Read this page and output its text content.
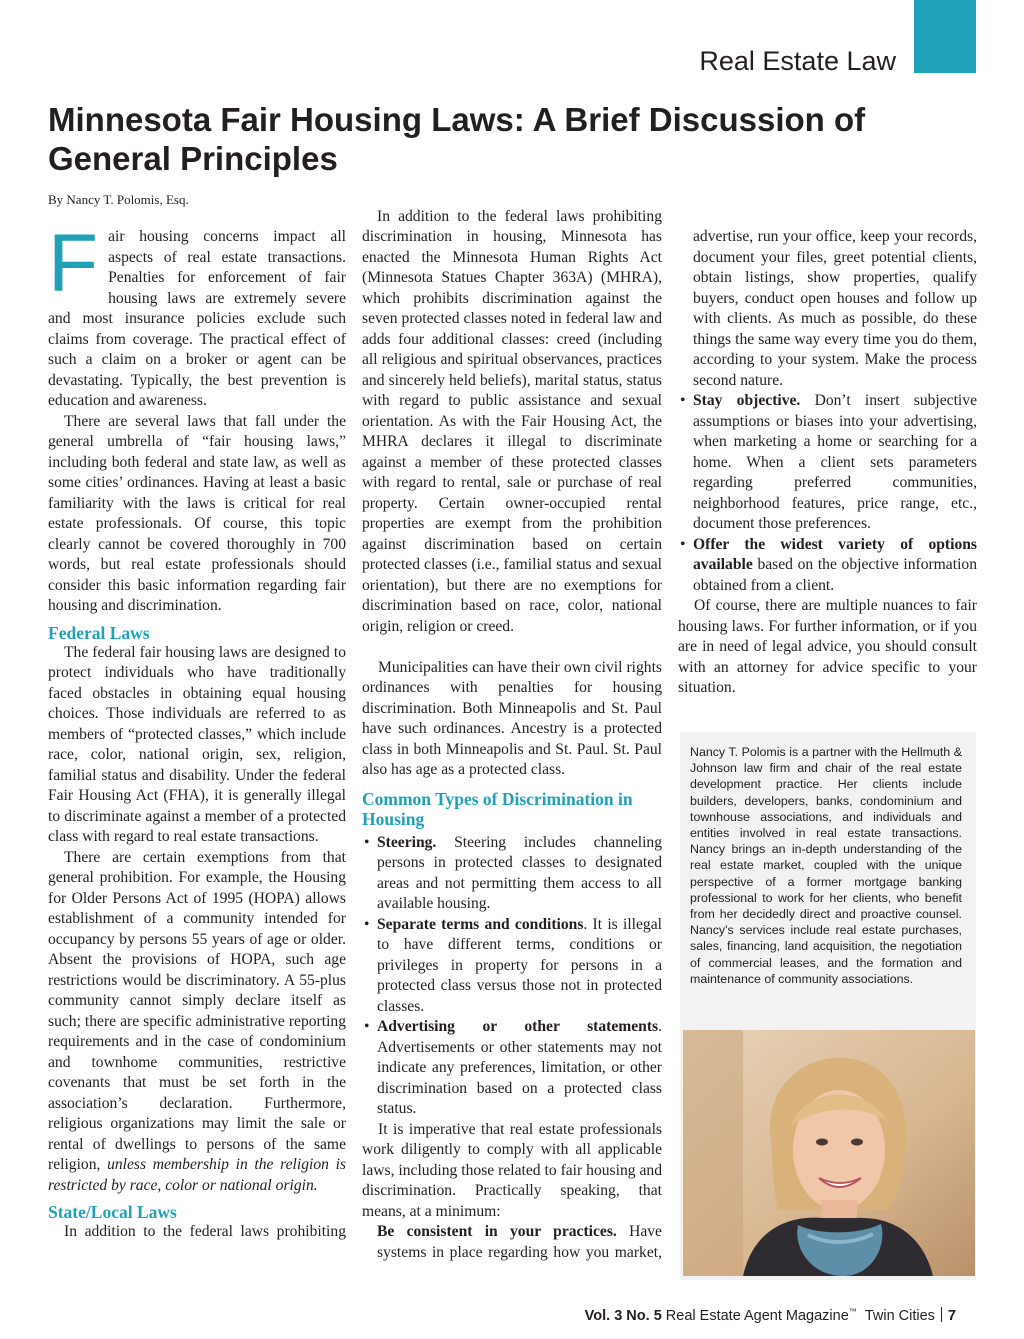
Real Estate Law
Minnesota Fair Housing Laws: A Brief Discussion of General Principles
By Nancy T. Polomis, Esq.

Fair housing concerns impact all aspects of real estate transactions. Penalties for enforcement of fair housing laws are extremely severe and most insurance policies exclude such claims from coverage. The practical effect of such a claim on a broker or agent can be devastating. Typically, the best prevention is education and awareness.

There are several laws that fall under the general umbrella of “fair housing laws,” including both federal and state law, as well as some cities’ ordinances. Having at least a basic familiarity with the laws is critical for real estate professionals. Of course, this topic clearly cannot be covered thoroughly in 700 words, but real estate professionals should consider this basic information regarding fair housing and discrimination.

Federal Laws

The federal fair housing laws are designed to protect individuals who have traditionally faced obstacles in obtaining equal housing choices. Those individuals are referred to as members of “protected classes,” which include race, color, national origin, sex, religion, familial status and disability. Under the federal Fair Housing Act (FHA), it is generally illegal to discriminate against a member of a protected class with regard to real estate transactions.

There are certain exemptions from that general prohibition. For example, the Housing for Older Persons Act of 1995 (HOPA) allows establishment of a community intended for occupancy by persons 55 years of age or older. Absent the provisions of HOPA, such age restrictions would be discriminatory. A 55-plus community cannot simply declare itself as such; there are specific administrative reporting requirements and in the case of condominium and townhome communities, restrictive covenants that must be set forth in the association’s declaration. Furthermore, religious organizations may limit the sale or rental of dwellings to persons of the same religion, unless membership in the religion is restricted by race, color or national origin.

State/Local Laws

In addition to the federal laws prohibiting

In addition to the federal laws prohibiting discrimination in housing, Minnesota has enacted the Minnesota Human Rights Act (Minnesota Statues Chapter 363A) (MHRA), which prohibits discrimination against the seven protected classes noted in federal law and adds four additional classes: creed (including all religious and spiritual observances, practices and sincerely held beliefs), marital status, status with regard to public assistance and sexual orientation. As with the Fair Housing Act, the MHRA declares it illegal to discriminate against a member of these protected classes with regard to rental, sale or purchase of real property. Certain owner-occupied rental properties are exempt from the prohibition against discrimination based on certain protected classes (i.e., familial status and sexual orientation), but there are no exemptions for discrimination based on race, color, national origin, religion or creed.

Municipalities can have their own civil rights ordinances with penalties for housing discrimination. Both Minneapolis and St. Paul have such ordinances. Ancestry is a protected class in both Minneapolis and St. Paul. St. Paul also has age as a protected class.

Common Types of Discrimination in Housing
• Steering. Steering includes channeling persons in protected classes to designated areas and not permitting them access to all available housing.
• Separate terms and conditions. It is illegal to have different terms, conditions or privileges in property for persons in a protected class versus those not in protected classes.
• Advertising or other statements. Advertisements or other statements may not indicate any preferences, limitation, or other discrimination based on a protected class status.

It is imperative that real estate professionals work diligently to comply with all applicable laws, including those related to fair housing and discrimination. Practically speaking, that means, at a minimum:

Be consistent in your practices. Have systems in place regarding how you market,
advertise, run your office, keep your records, document your files, greet potential clients, obtain listings, show properties, qualify buyers, conduct open houses and follow up with clients. As much as possible, do these things the same way every time you do them, according to your system. Make the process second nature.
• Stay objective. Don’t insert subjective assumptions or biases into your advertising, when marketing a home or searching for a home. When a client sets parameters regarding preferred communities, neighborhood features, price range, etc., document those preferences.
• Offer the widest variety of options available based on the objective information obtained from a client.

Of course, there are multiple nuances to fair housing laws. For further information, or if you are in need of legal advice, you should consult with an attorney for advice specific to your situation.

Nancy T. Polomis is a partner with the Hellmuth & Johnson law firm and chair of the real estate development practice. Her clients include builders, developers, banks, condominium and townhouse associations, and individuals and entities involved in real estate transactions. Nancy brings an in-depth understanding of the real estate market, coupled with the unique perspective of a former mortgage banking professional to work for her clients, who benefit from her decidedly direct and proactive counsel. Nancy's services include real estate purchases, sales, financing, land acquisition, the negotiation of commercial leases, and the formation and maintenance of community associations.
Vol. 3 No. 5 Real Estate Agent Magazine™ Twin Cities 7
